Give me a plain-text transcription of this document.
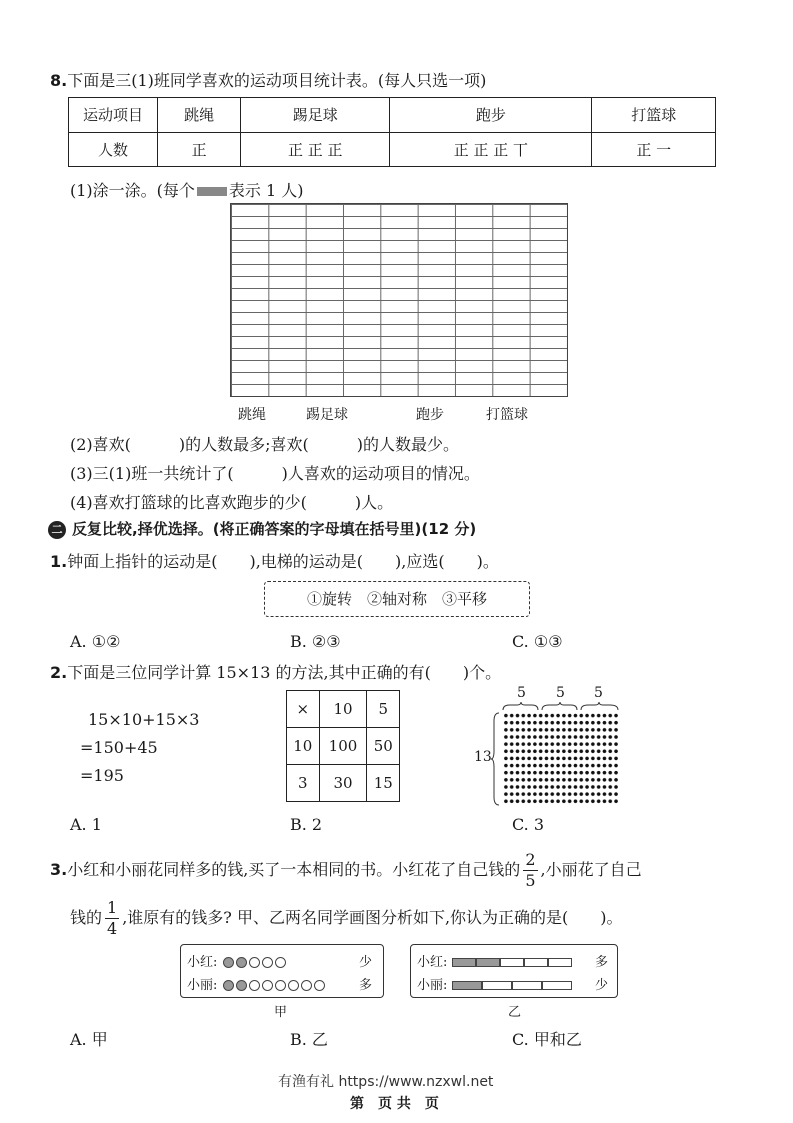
8.下面是三(1)班同学喜欢的运动项目统计表。(每人只选一项)
运动项目	跳绳	踢足球	跑步	打篮球
人数	正	正 正 正	正 正 正 丅	正 一
(1)涂一涂。(每个 表示 1 人)
跳绳	踢足球	跑步	打篮球
(2)喜欢(　　　)的人数最多;喜欢(　　　)的人数最少。
(3)三(1)班一共统计了(　　　)人喜欢的运动项目的情况。
(4)喜欢打篮球的比喜欢跑步的少(　　　)人。
二 反复比较,择优选择。(将正确答案的字母填在括号里)(12 分)
1.钟面上指针的运动是(　　),电梯的运动是(　　),应选(　　)。
①旋转　②轴对称　③平移
A. ①②	B. ②③	C. ①③
2.下面是三位同学计算 15×13 的方法,其中正确的有(　　)个。
15×10+15×3
=150+45
=195
×	10	5
10	100	50
3	30	15
5 5 5
13
A. 1	B. 2	C. 3
3.小红和小丽花同样多的钱,买了一本相同的书。小红花了自己钱的 $\frac{2}{5}$ ,小丽花了自己
钱的 $\frac{1}{4}$ ,谁原有的钱多? 甲、乙两名同学画图分析如下,你认为正确的是(　　)。
小红:	少
小丽:	多
甲
小红:	多
小丽:	少
乙
A. 甲	B. 乙	C. 甲和乙
有渔有礼 https://www.nzxwl.net
第　页 共　页
